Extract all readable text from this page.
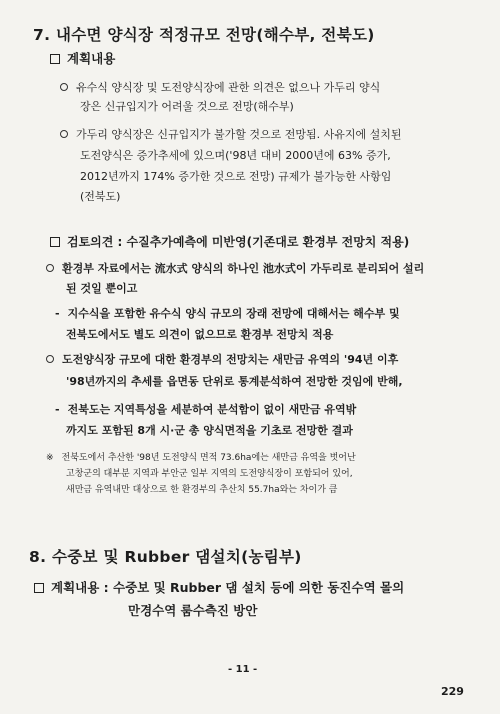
7. 내수면 양식장 적정규모 전망(해수부, 전북도)
계획내용
유수식 양식장 및 도전양식장에 관한 의견은 없으나 가두리 양식
장은 신규입지가 어려울 것으로 전망(해수부)
가두리 양식장은 신규입지가 불가할 것으로 전망됨. 사유지에 설치된
도전양식은 증가추세에 있으며('98년 대비 2000년에 63% 증가,
2012년까지 174% 증가한 것으로 전망) 규제가 불가능한 사항임
(전북도)
검토의견 : 수질추가예측에 미반영(기존대로 환경부 전망치 적용)
환경부 자료에서는 流水式 양식의 하나인 池水式이 가두리로 분리되어 설리
된 것일 뿐이고
- 지수식을 포함한 유수식 양식 규모의 장래 전망에 대해서는 해수부 및
전북도에서도 별도 의견이 없으므로 환경부 전망치 적용
도전양식장 규모에 대한 환경부의 전망치는 새만금 유역의 '94년 이후
'98년까지의 추세를 읍면동 단위로 통계분석하여 전망한 것임에 반해,
- 전북도는 지역특성을 세분하여 분석함이 없이 새만금 유역밖
까지도 포함된 8개 시·군 총 양식면적을 기초로 전망한 결과
※ 전북도에서 추산한 '98년 도전양식 면적 73.6ha에는 새만금 유역을 벗어난
고창군의 대부분 지역과 부안군 일부 지역의 도전양식장이 포함되어 있어,
새만금 유역내만 대상으로 한 환경부의 추산치 55.7ha와는 차이가 큼
8. 수중보 및 Rubber 댐설치(농림부)
계획내용 : 수중보 및 Rubber 댐 설치 등에 의한 동진수역 몰의
만경수역 룸수측진 방안
- 11 -
229
